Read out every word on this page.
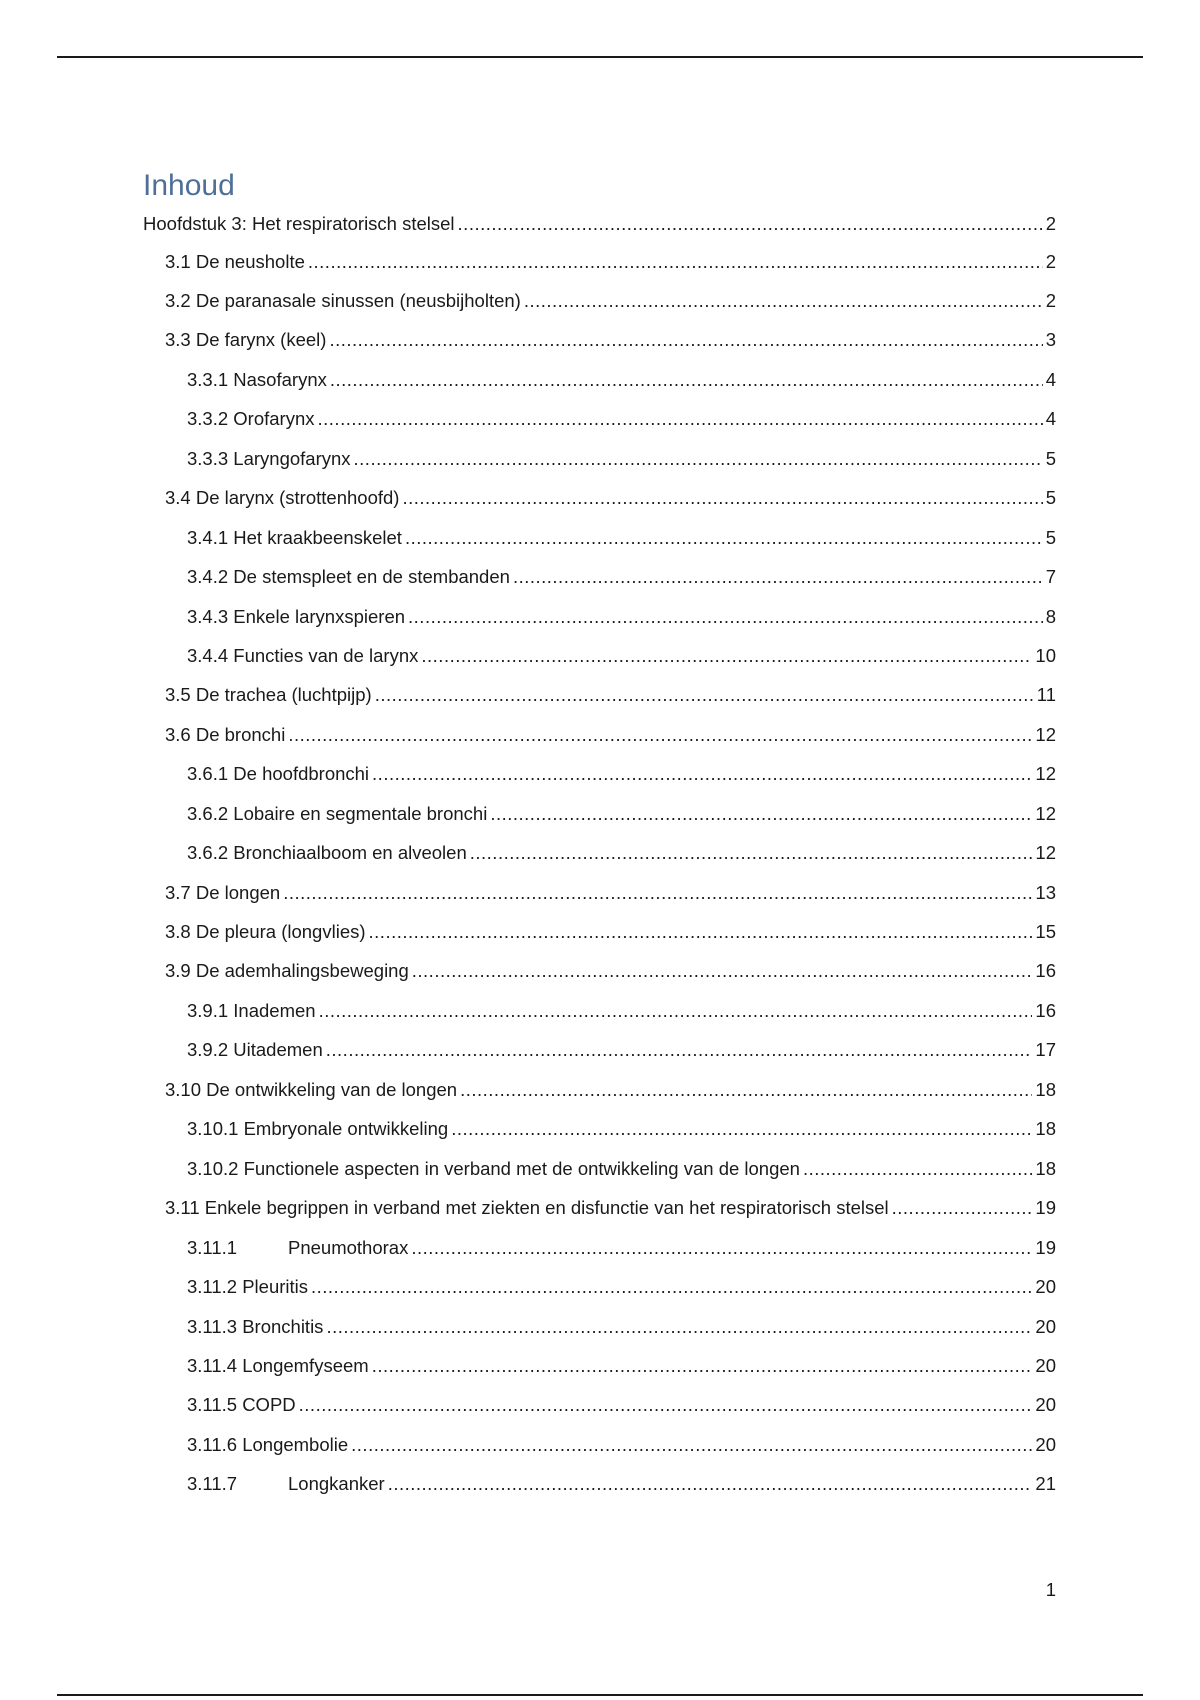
Inhoud
Hoofdstuk 3: Het respiratorisch stelsel .....	2
3.1 De neusholte .....	2
3.2 De paranasale sinussen (neusbijholten) .....	2
3.3 De farynx (keel) .....	3
3.3.1 Nasofarynx .....	4
3.3.2 Orofarynx .....	4
3.3.3 Laryngofarynx .....	5
3.4 De larynx (strottenhoofd) .....	5
3.4.1 Het kraakbeenskelet .....	5
3.4.2 De stemspleet en de stembanden .....	7
3.4.3 Enkele larynxspieren .....	8
3.4.4 Functies van de larynx .....	10
3.5 De trachea (luchtpijp) .....	11
3.6 De bronchi .....	12
3.6.1 De hoofdbronchi .....	12
3.6.2 Lobaire en segmentale bronchi .....	12
3.6.2 Bronchiaalboom en alveolen .....	12
3.7 De longen .....	13
3.8 De pleura (longvlies) .....	15
3.9 De ademhalingsbeweging .....	16
3.9.1 Inademen .....	16
3.9.2 Uitademen .....	17
3.10 De ontwikkeling van de longen .....	18
3.10.1 Embryonale ontwikkeling .....	18
3.10.2 Functionele aspecten in verband met de ontwikkeling van de longen .....	18
3.11 Enkele begrippen in verband met ziekten en disfunctie van het respiratorisch stelsel .....	19
3.11.1	Pneumothorax .....	19
3.11.2 Pleuritis .....	20
3.11.3 Bronchitis .....	20
3.11.4 Longemfyseem .....	20
3.11.5 COPD .....	20
3.11.6 Longembolie .....	20
3.11.7	Longkanker .....	21
1
